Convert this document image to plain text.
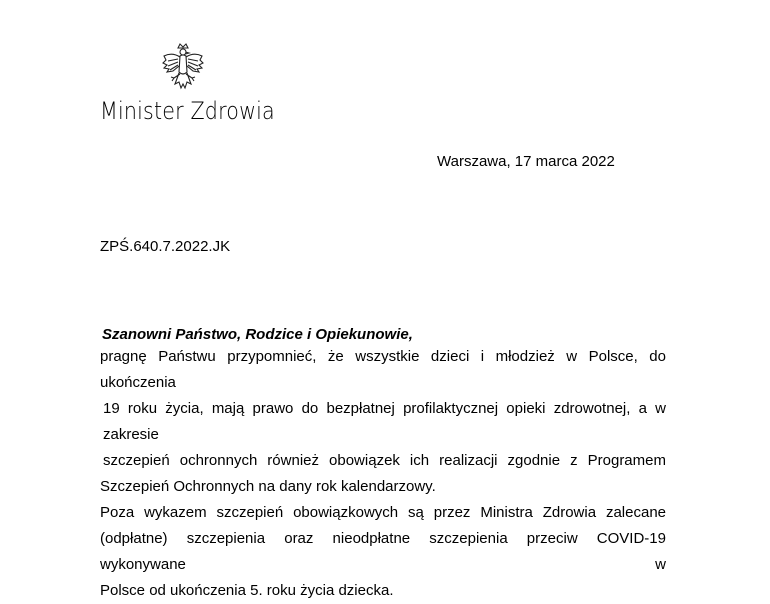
Minister Zdrowia
Warszawa, 17 marca 2022
ZPŚ.640.7.2022.JK
Szanowni Państwo, Rodzice i Opiekunowie,
pragnę Państwu przypomnieć, że wszystkie dzieci i młodzież w Polsce, do ukończenia
19 roku życia, mają prawo do bezpłatnej profilaktycznej opieki zdrowotnej, a w zakresie
szczepień ochronnych również obowiązek ich realizacji zgodnie z Programem
Szczepień Ochronnych na dany rok kalendarzowy.
Poza wykazem szczepień obowiązkowych są przez Ministra Zdrowia zalecane
(odpłatne) szczepienia oraz nieodpłatne szczepienia przeciw COVID-19 wykonywane w
Polsce od ukończenia 5. roku życia dziecka.
